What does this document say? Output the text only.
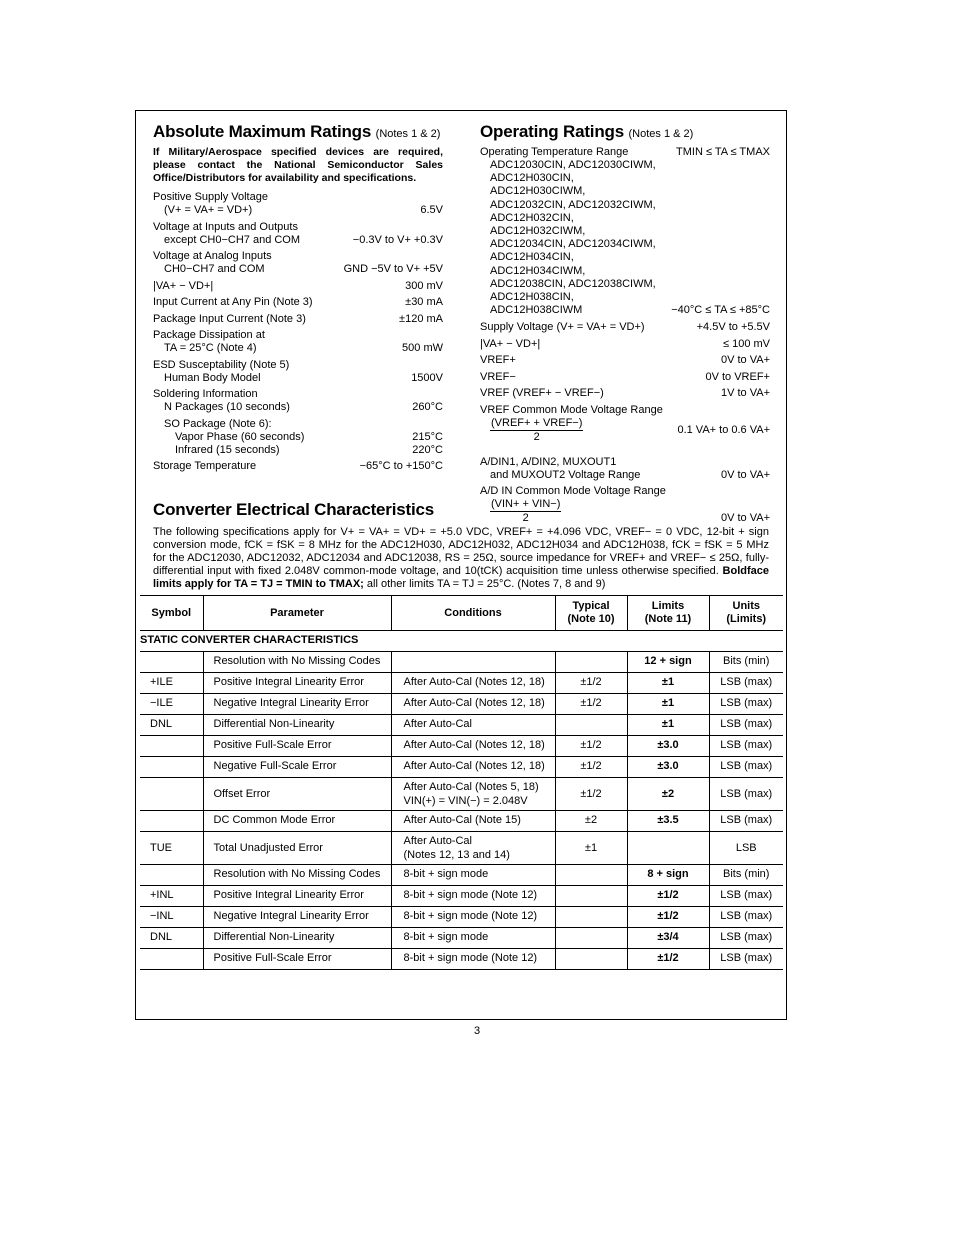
Absolute Maximum Ratings (Notes 1 & 2)
If Military/Aerospace specified devices are required, please contact the National Semiconductor Sales Office/Distributors for availability and specifications.
Positive Supply Voltage
(V+ = VA+ = VD+)	6.5V
Voltage at Inputs and Outputs
except CH0−CH7 and COM	−0.3V to V+ +0.3V
Voltage at Analog Inputs
CH0−CH7 and COM	GND −5V to V+ +5V
|VA+ − VD+|	300 mV
Input Current at Any Pin (Note 3)	±30 mA
Package Input Current (Note 3)	±120 mA
Package Dissipation at
TA = 25°C (Note 4)	500 mW
ESD Susceptability (Note 5)
Human Body Model	1500V
Soldering Information
N Packages (10 seconds)	260°C
SO Package (Note 6):
Vapor Phase (60 seconds)	215°C
Infrared (15 seconds)	220°C
Storage Temperature	−65°C to +150°C
Operating Ratings (Notes 1 & 2)
Operating Temperature Range	TMIN ≤ TA ≤ TMAX
ADC12030CIN, ADC12030CIWM,
ADC12H030CIN, ADC12H030CIWM,
ADC12032CIN, ADC12032CIWM,
ADC12H032CIN, ADC12H032CIWM,
ADC12034CIN, ADC12034CIWM,
ADC12H034CIN, ADC12H034CIWM,
ADC12038CIN, ADC12038CIWM,
ADC12H038CIN,
ADC12H038CIWM	−40°C ≤ TA ≤ +85°C
Supply Voltage (V+ = VA+ = VD+)	+4.5V to +5.5V
|VA+ − VD+|	≤ 100 mV
VREF+	0V to VA+
VREF−	0V to VREF+
VREF (VREF+ − VREF−)	1V to VA+
VREF Common Mode Voltage Range
$\frac{\text{(VREF+ + VREF−)}}{2}$	0.1 VA+ to 0.6 VA+
A/DIN1, A/DIN2, MUXOUT1
and MUXOUT2 Voltage Range	0V to VA+
A/D IN Common Mode Voltage Range
$\frac{\text{(VIN+ + VIN−)}}{2}$	0V to VA+
Converter Electrical Characteristics
The following specifications apply for V+ = VA+ = VD+ = +5.0 VDC, VREF+ = +4.096 VDC, VREF− = 0 VDC, 12-bit + sign conversion mode, fCK = fSK = 8 MHz for the ADC12H030, ADC12H032, ADC12H034 and ADC12H038, fCK = fSK = 5 MHz for the ADC12030, ADC12032, ADC12034 and ADC12038, RS = 25Ω, source impedance for VREF+ and VREF− ≤ 25Ω, fully-differential input with fixed 2.048V common-mode voltage, and 10(tCK) acquisition time unless otherwise specified. Boldface limits apply for TA = TJ = TMIN to TMAX; all other limits TA = TJ = 25°C. (Notes 7, 8 and 9)
Symbol	Parameter	Conditions	Typical
(Note 10)	Limits
(Note 11)	Units
(Limits)
STATIC CONVERTER CHARACTERISTICS					
	Resolution with No Missing Codes			12 + sign	Bits (min)
+ILE	Positive Integral Linearity Error	After Auto-Cal (Notes 12, 18)	±1/2	±1	LSB (max)
−ILE	Negative Integral Linearity Error	After Auto-Cal (Notes 12, 18)	±1/2	±1	LSB (max)
DNL	Differential Non-Linearity	After Auto-Cal		±1	LSB (max)
	Positive Full-Scale Error	After Auto-Cal (Notes 12, 18)	±1/2	±3.0	LSB (max)
	Negative Full-Scale Error	After Auto-Cal (Notes 12, 18)	±1/2	±3.0	LSB (max)
	Offset Error	After Auto-Cal (Notes 5, 18)
VIN(+) = VIN(−) = 2.048V	±1/2	±2	LSB (max)
	DC Common Mode Error	After Auto-Cal (Note 15)	±2	±3.5	LSB (max)
TUE	Total Unadjusted Error	After Auto-Cal
(Notes 12, 13 and 14)	±1		LSB
	Resolution with No Missing Codes	8-bit + sign mode		8 + sign	Bits (min)
+INL	Positive Integral Linearity Error	8-bit + sign mode (Note 12)		±1/2	LSB (max)
−INL	Negative Integral Linearity Error	8-bit + sign mode (Note 12)		±1/2	LSB (max)
DNL	Differential Non-Linearity	8-bit + sign mode		±3/4	LSB (max)
	Positive Full-Scale Error	8-bit + sign mode (Note 12)		±1/2	LSB (max)
3
